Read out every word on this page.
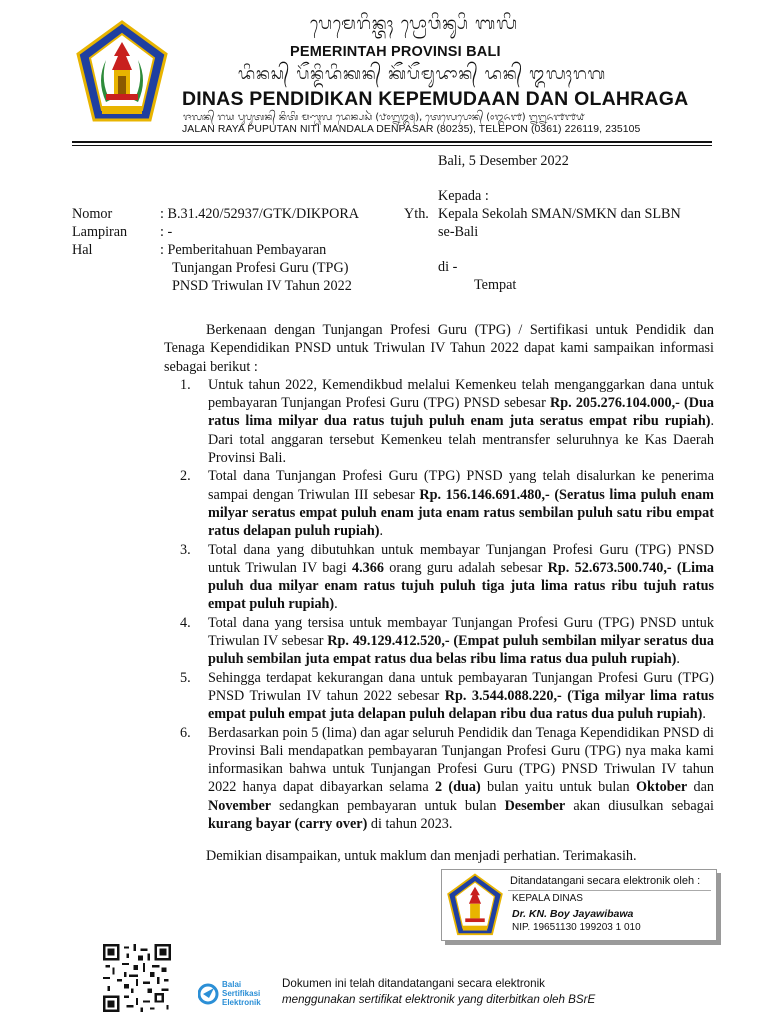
ᬧᬾᬫᬾᬭᬶᬦ᭄ᬢᬄ ᬧ᭄ᬭᭀᬯᬶᬦ᭄ᬲᬶ ᬩᬮᬶ
PEMERINTAH PROVINSI BALI
ᬤᬶᬦᬲ᭄ ᬧᭂᬦ᭄ᬤᬶᬤᬶᬓᬦ᭄ ᬓᭂᬧᭂᬫᬸᬤᬵᬦ᭄ ᬤᬦ᭄ ᬑᬮᬄᬭᬕ
DINAS PENDIDIKAN KEPEMUDAAN DAN OLAHRAGA
ᬚᬮᬦ᭄ ᬭᬬ ᬧᬸᬧᬸᬢᬦ᭄ ᬦᬶᬢᬶ ᬫᬡ᭄ᬟᬮ ᬤᬾᬦ᭄ᬧᬲᬃ (᭘᭐᭒᭓᭕), ᬢᬾᬮᬾᬧᭀᬦ᭄ (᭐᭓᭖᭑) ᭒᭒᭖᭑᭑᭙
JALAN RAYA PUPUTAN NITI MANDALA DENPASAR (80235), TELEPON (0361) 226119, 235105
Bali, 5 Desember 2022
Kepada :
Yth. Kepala Sekolah SMAN/SMKN dan SLBN
se-Bali
di -
Tempat
Nomor	: B.31.420/52937/GTK/DIKPORA
Lampiran : -
Hal	: Pemberitahuan Pembayaran
Tunjangan Profesi Guru (TPG)
PNSD Triwulan IV Tahun 2022

Berkenaan dengan Tunjangan Profesi Guru (TPG) / Sertifikasi untuk Pendidik dan Tenaga Kependidikan PNSD untuk Triwulan IV Tahun 2022 dapat kami sampaikan informasi sebagai berikut :

1. Untuk tahun 2022, Kemendikbud melalui Kemenkeu telah menganggarkan dana untuk pembayaran Tunjangan Profesi Guru (TPG) PNSD sebesar Rp. 205.276.104.000,- (Dua ratus lima milyar dua ratus tujuh puluh enam juta seratus empat ribu rupiah). Dari total anggaran tersebut Kemenkeu telah mentransfer seluruhnya ke Kas Daerah Provinsi Bali.
2. Total dana Tunjangan Profesi Guru (TPG) PNSD yang telah disalurkan ke penerima sampai dengan Triwulan III sebesar Rp. 156.146.691.480,- (Seratus lima puluh enam milyar seratus empat puluh enam juta enam ratus sembilan puluh satu ribu empat ratus delapan puluh rupiah).
3. Total dana yang dibutuhkan untuk membayar Tunjangan Profesi Guru (TPG) PNSD untuk Triwulan IV bagi 4.366 orang guru adalah sebesar Rp. 52.673.500.740,- (Lima puluh dua milyar enam ratus tujuh puluh tiga juta lima ratus ribu tujuh ratus empat puluh rupiah).
4. Total dana yang tersisa untuk membayar Tunjangan Profesi Guru (TPG) PNSD untuk Triwulan IV sebesar Rp. 49.129.412.520,- (Empat puluh sembilan milyar seratus dua puluh sembilan juta empat ratus dua belas ribu lima ratus dua puluh rupiah).
5. Sehingga terdapat kekurangan dana untuk pembayaran Tunjangan Profesi Guru (TPG) PNSD Triwulan IV tahun 2022 sebesar Rp. 3.544.088.220,- (Tiga milyar lima ratus empat puluh empat juta delapan puluh delapan ribu dua ratus dua puluh rupiah).
6. Berdasarkan poin 5 (lima) dan agar seluruh Pendidik dan Tenaga Kependidikan PNSD di Provinsi Bali mendapatkan pembayaran Tunjangan Profesi Guru (TPG) nya maka kami informasikan bahwa untuk Tunjangan Profesi Guru (TPG) PNSD Triwulan IV tahun 2022 hanya dapat dibayarkan selama 2 (dua) bulan yaitu untuk bulan Oktober dan November sedangkan pembayaran untuk bulan Desember akan diusulkan sebagai kurang bayar (carry over) di tahun 2023.
Demikian disampaikan, untuk maklum dan menjadi perhatian. Terimakasih.
Ditandatangani secara elektronik oleh :
KEPALA DINAS
Dr. KN. Boy Jayawibawa
NIP. 19651130 199203 1 010
Balai
Sertifikasi
Elektronik
Dokumen ini telah ditandatangani secara elektronik
menggunakan sertifikat elektronik yang diterbitkan oleh BSrE
